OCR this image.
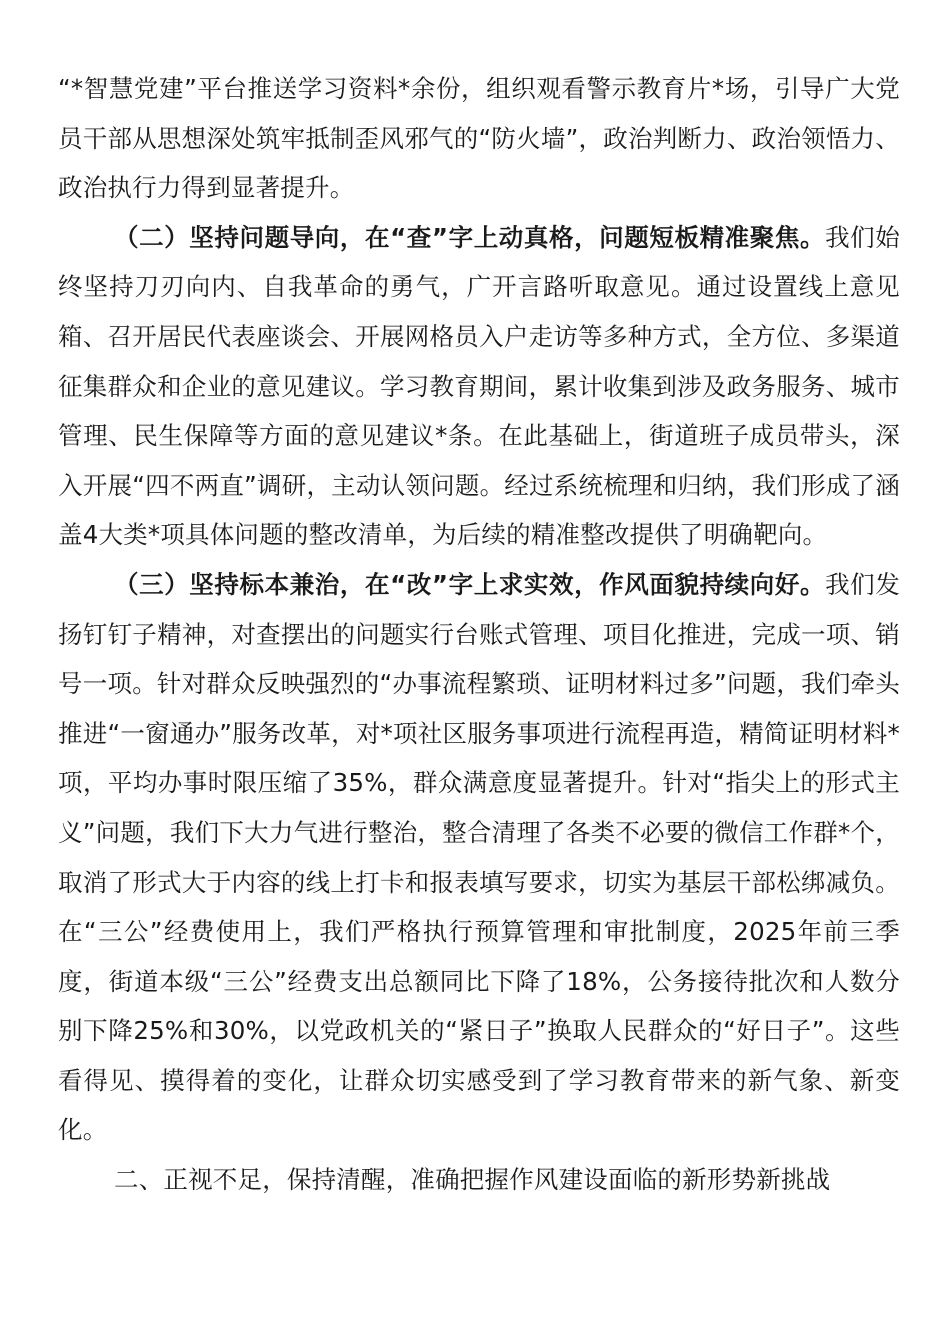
“*智慧党建”平台推送学习资料*余份，组织观看警示教育片*场，引导广大党员干部从思想深处筑牢抵制歪风邪气的“防火墙”，政治判断力、政治领悟力、政治执行力得到显著提升。

（二）坚持问题导向，在“查”字上动真格，问题短板精准聚焦。我们始终坚持刀刃向内、自我革命的勇气，广开言路听取意见。通过设置线上意见箱、召开居民代表座谈会、开展网格员入户走访等多种方式，全方位、多渠道征集群众和企业的意见建议。学习教育期间，累计收集到涉及政务服务、城市管理、民生保障等方面的意见建议*条。在此基础上，街道班子成员带头，深入开展“四不两直”调研，主动认领问题。经过系统梳理和归纳，我们形成了涵盖4大类*项具体问题的整改清单，为后续的精准整改提供了明确靶向。

（三）坚持标本兼治，在“改”字上求实效，作风面貌持续向好。我们发扬钉钉子精神，对查摆出的问题实行台账式管理、项目化推进，完成一项、销号一项。针对群众反映强烈的“办事流程繁琐、证明材料过多”问题，我们牵头推进“一窗通办”服务改革，对*项社区服务事项进行流程再造，精简证明材料*项，平均办事时限压缩了35%，群众满意度显著提升。针对“指尖上的形式主义”问题，我们下大力气进行整治，整合清理了各类不必要的微信工作群*个，取消了形式大于内容的线上打卡和报表填写要求，切实为基层干部松绑减负。在“三公”经费使用上，我们严格执行预算管理和审批制度，2025年前三季度，街道本级“三公”经费支出总额同比下降了18%，公务接待批次和人数分别下降25%和30%，以党政机关的“紧日子”换取人民群众的“好日子”。这些看得见、摸得着的变化，让群众切实感受到了学习教育带来的新气象、新变化。

二、正视不足，保持清醒，准确把握作风建设面临的新形势新挑战
